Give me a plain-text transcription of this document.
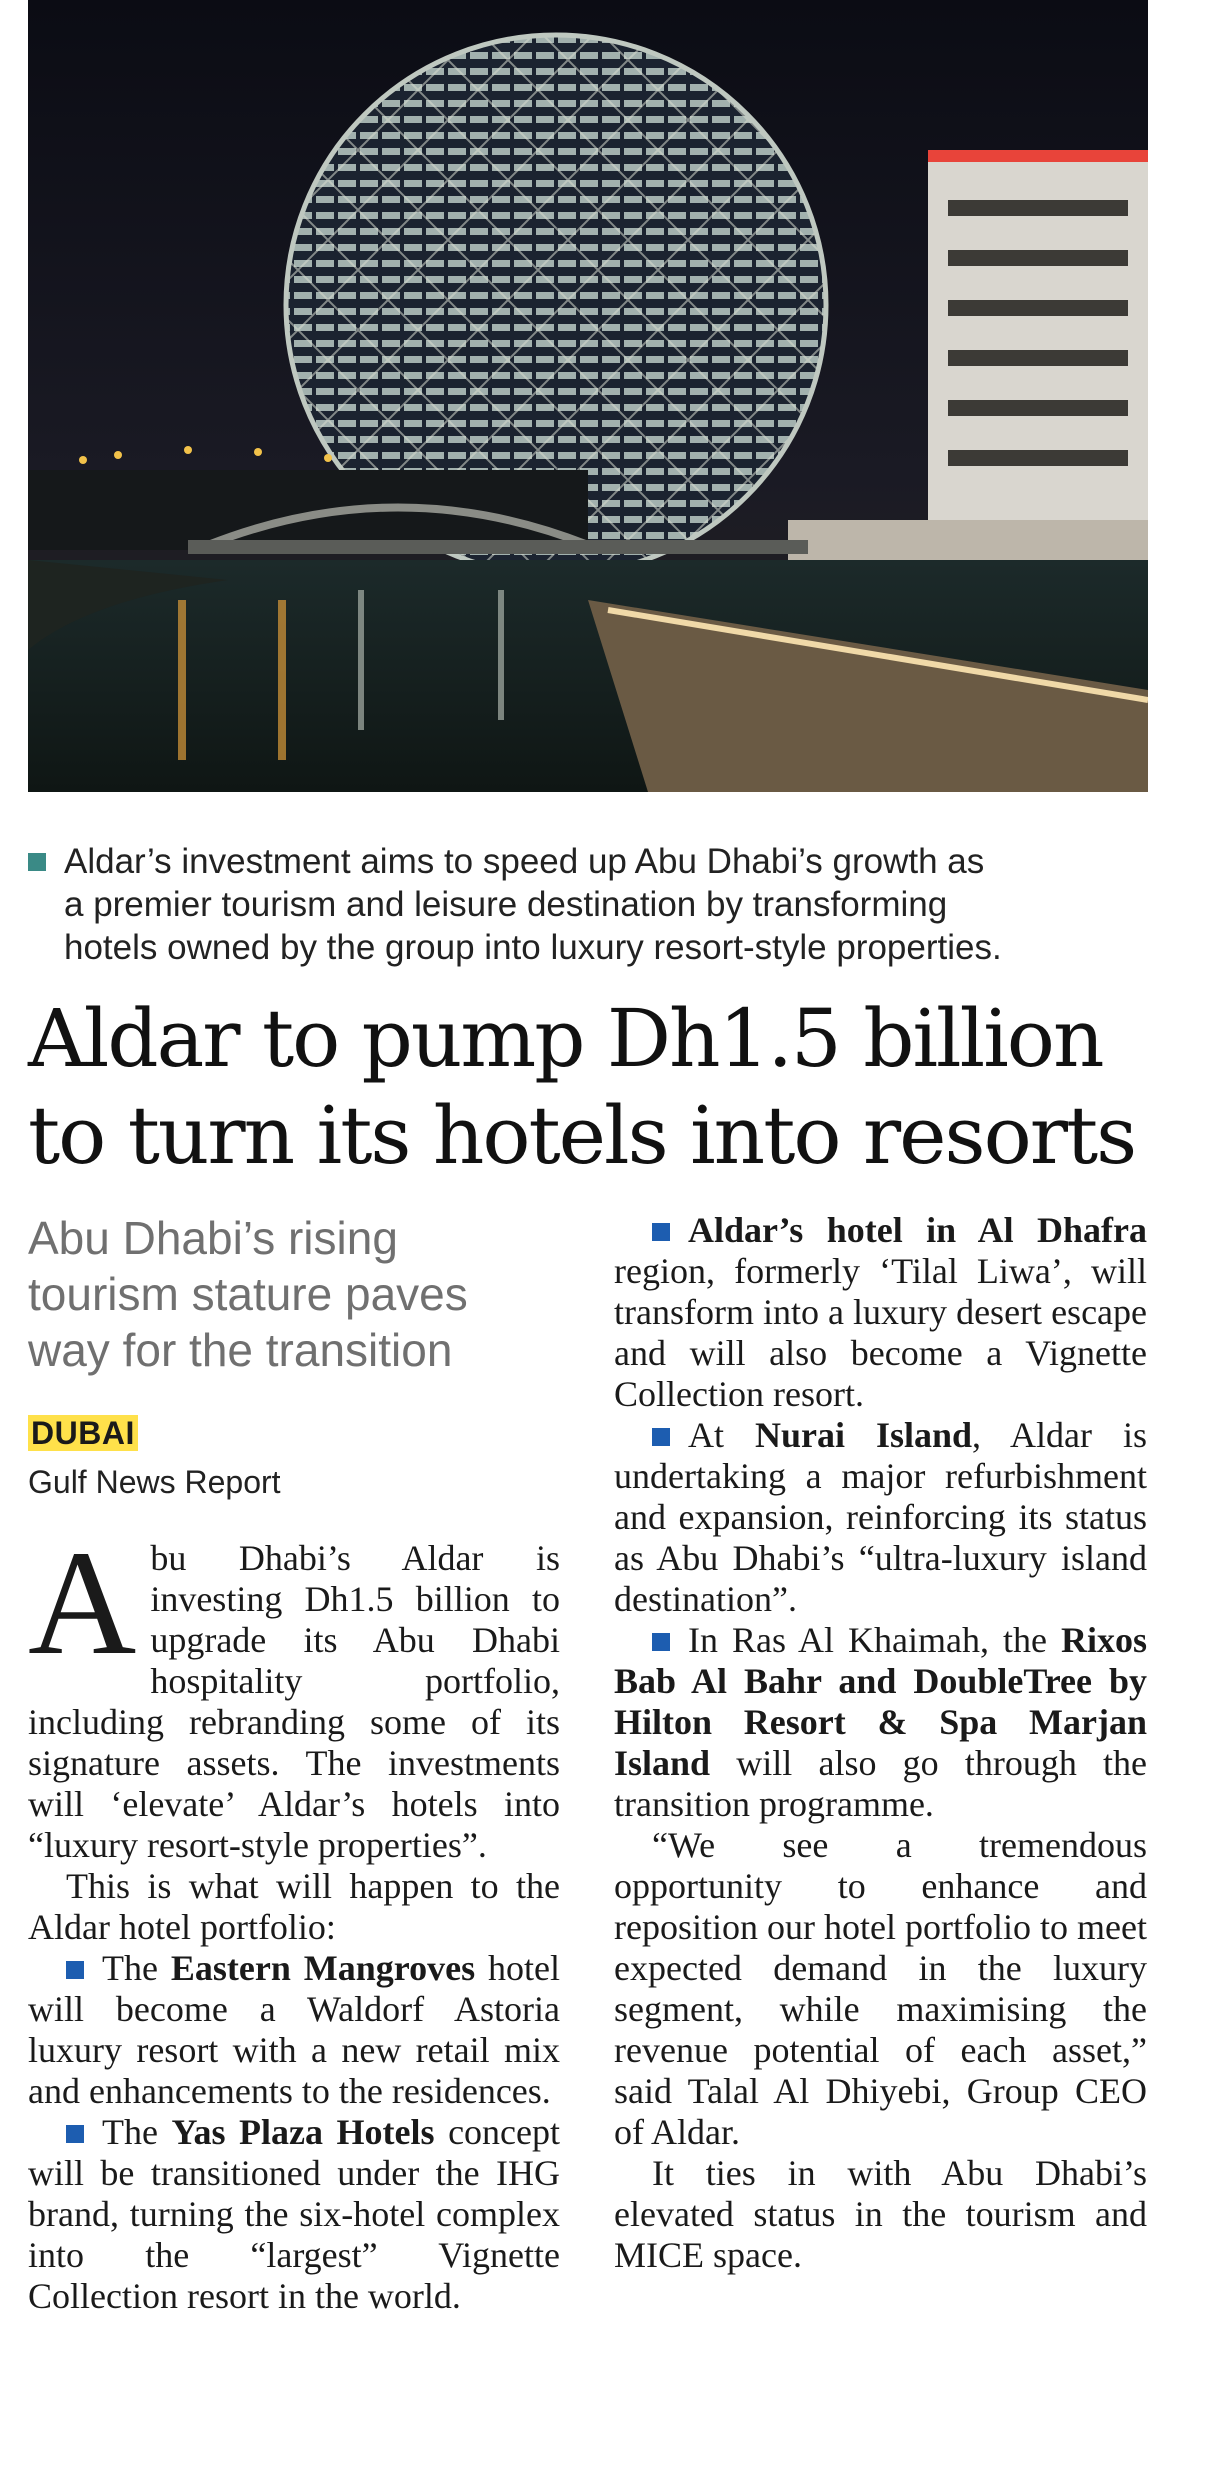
Aldar’s investment aims to speed up Abu Dhabi’s growth as
a premier tourism and leisure destination by transforming
hotels owned by the group into luxury resort-style properties.
Aldar to pump Dh1.5 billion
to turn its hotels into resorts

Abu Dhabi’s rising tourism stature paves way for the transition

DUBAI
Gulf News Report

Abu Dhabi’s Aldar is investing Dh1.5 billion to upgrade its Abu Dhabi hospitality portfolio, including rebranding some of its signature assets. The investments will ‘elevate’ Aldar’s hotels into “luxury resort-style properties”.

This is what will happen to the Aldar hotel portfolio:

The Eastern Mangroves hotel will become a Waldorf Astoria luxury resort with a new retail mix and enhancements to the residences.

The Yas Plaza Hotels concept will be transitioned under the IHG brand, turning the six-hotel complex into the “largest” Vignette Collection resort in the world.

Aldar’s hotel in Al Dhafra region, formerly ‘Tilal Liwa’, will transform into a luxury desert escape and will also become a Vignette Collection resort.

At Nurai Island, Aldar is undertaking a major refurbishment and expansion, reinforcing its status as Abu Dhabi’s “ultra-luxury island destination”.

In Ras Al Khaimah, the Rixos Bab Al Bahr and DoubleTree by Hilton Resort & Spa Marjan Island will also go through the transition programme.

“We see a tremendous opportunity to enhance and reposition our hotel portfolio to meet expected demand in the luxury segment, while maximising the revenue potential of each asset,” said Talal Al Dhiyebi, Group CEO of Aldar.

It ties in with Abu Dhabi’s elevated status in the tourism and MICE space.
